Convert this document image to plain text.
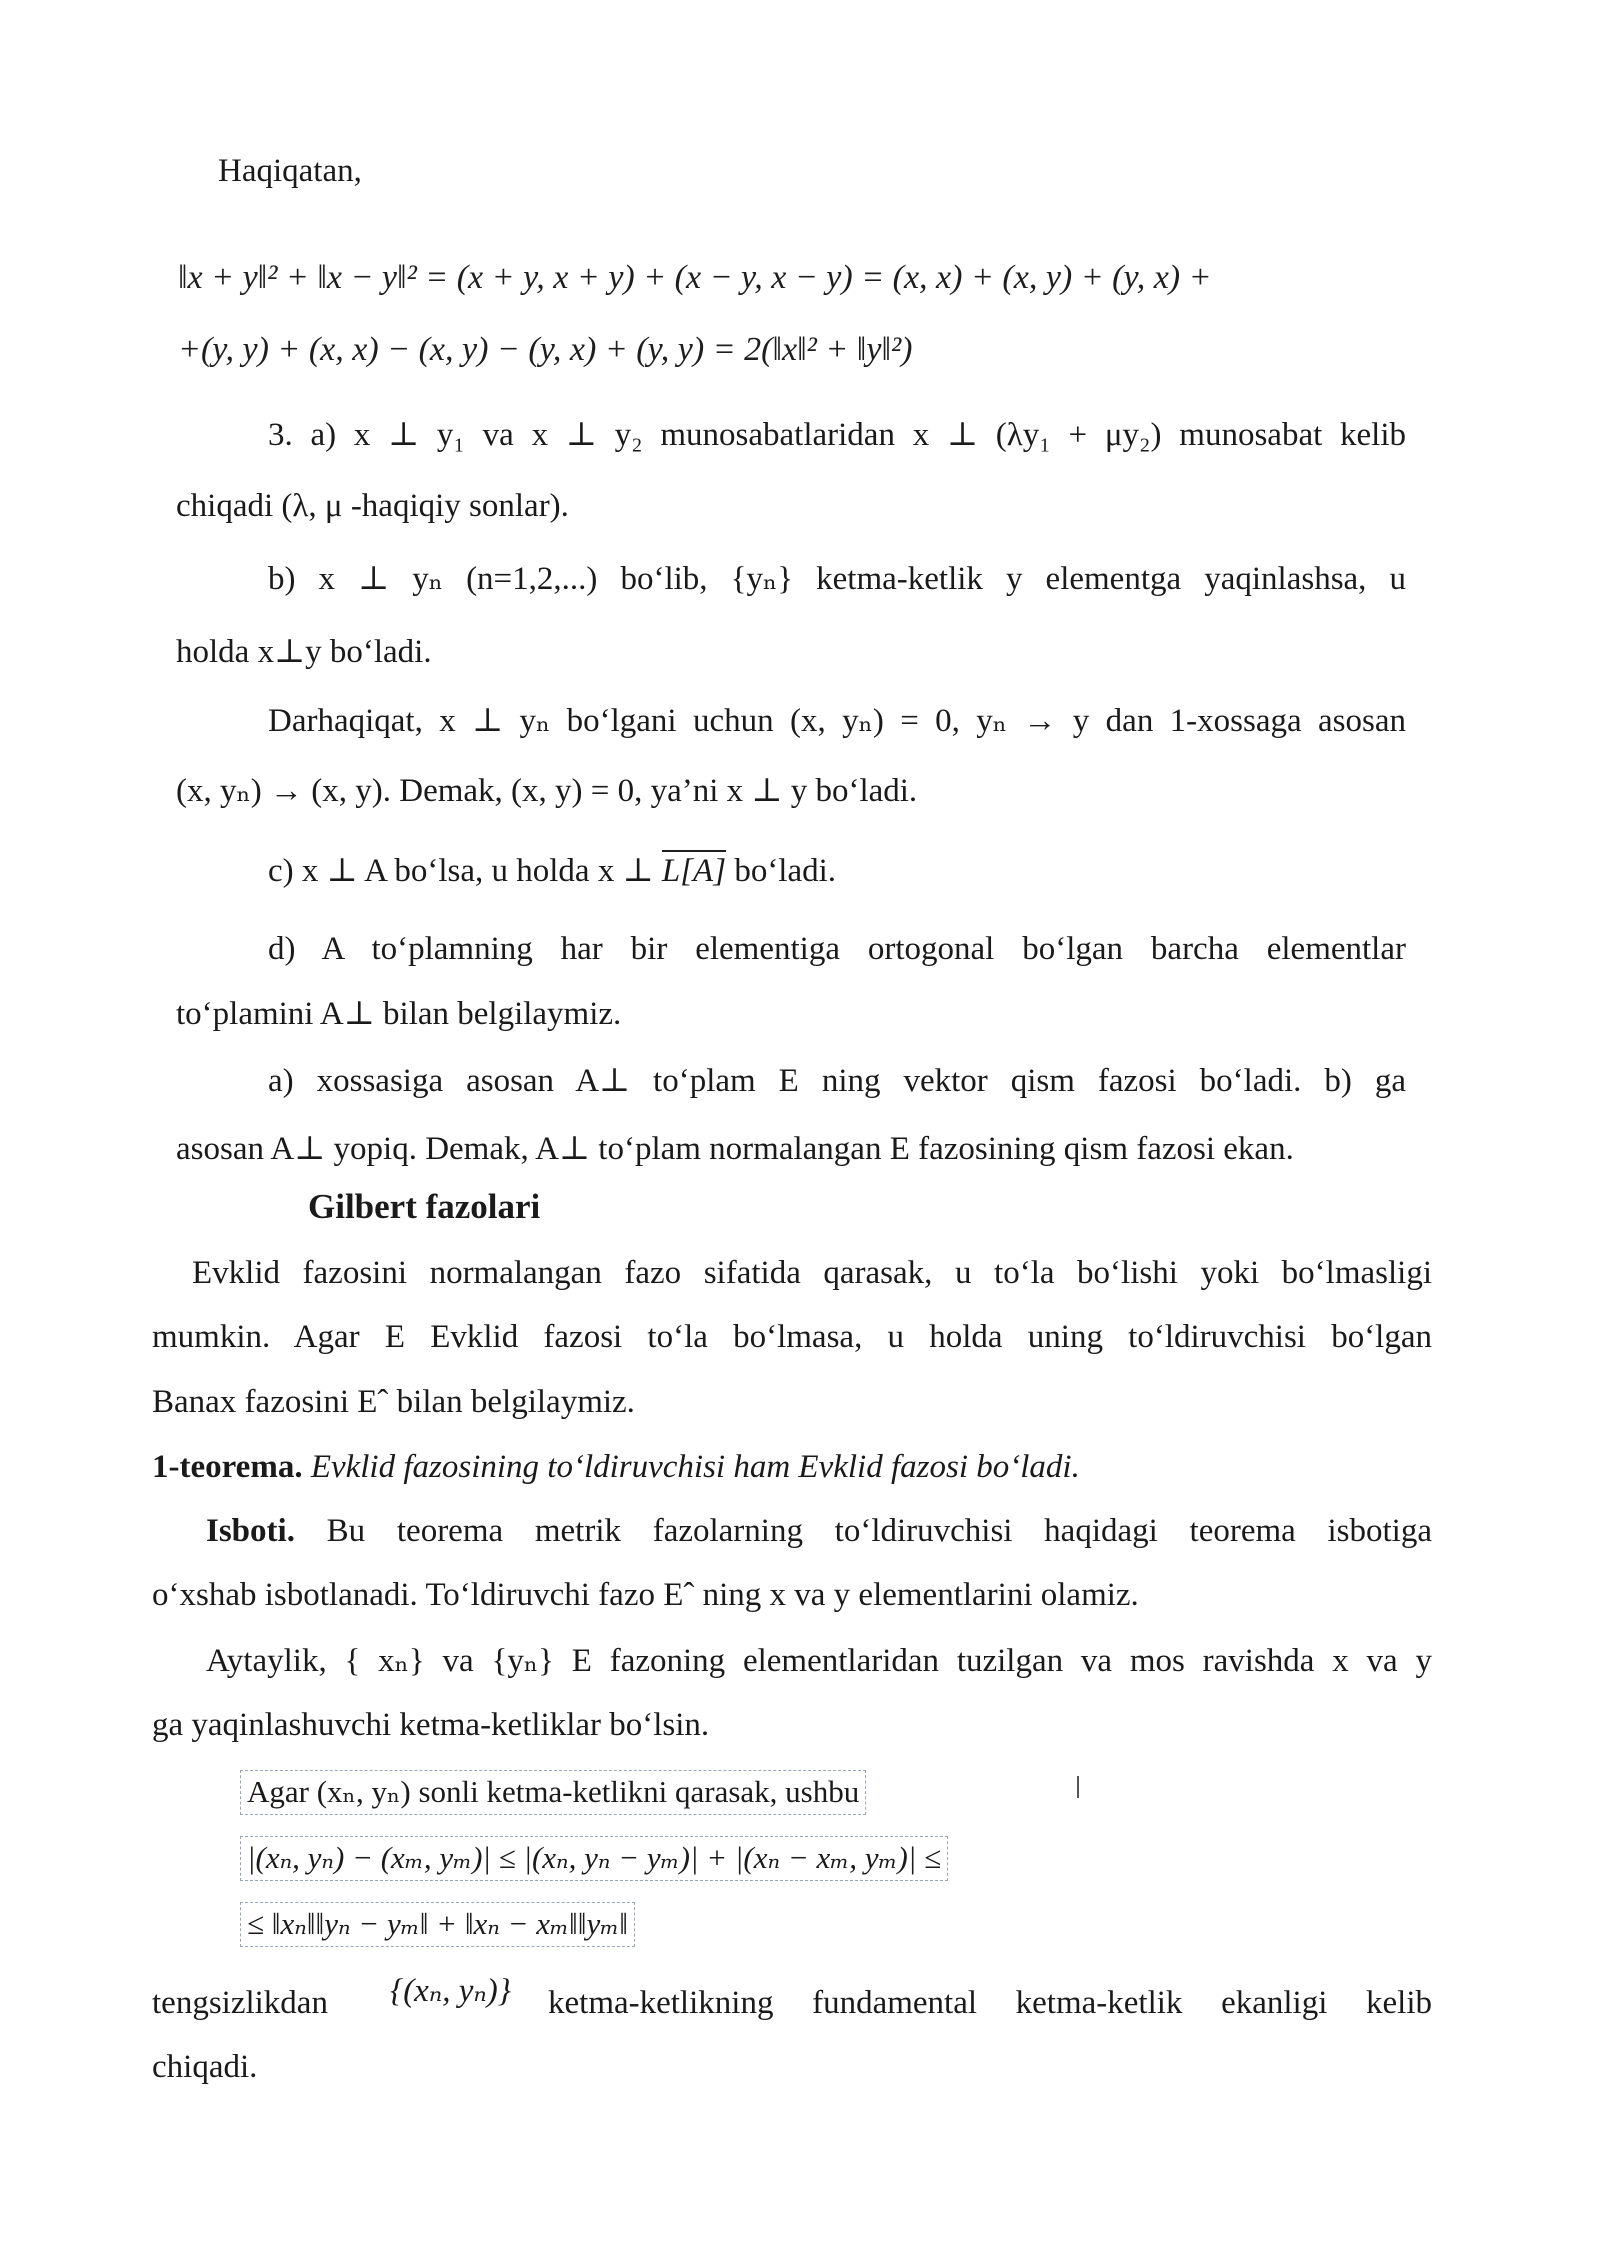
Haqiqatan,

‖x + y‖² + ‖x − y‖² = (x + y, x + y) + (x − y, x − y) = (x, x) + (x, y) + (y, x) +

+(y, y) + (x, x) − (x, y) − (y, x) + (y, y) = 2(‖x‖² + ‖y‖²)

3. a) x ⊥ y₁ va x ⊥ y₂ munosabatlaridan x ⊥ (λy₁ + μy₂) munosabat kelib

chiqadi (λ, μ -haqiqiy sonlar).

b) x ⊥ yₙ (n=1,2,...) bo‘lib, {yₙ} ketma-ketlik y elementga yaqinlashsa, u

holda x⊥y bo‘ladi.

Darhaqiqat, x ⊥ yₙ bo‘lgani uchun (x, yₙ) = 0, yₙ → y dan 1-xossaga asosan

(x, yₙ) → (x, y). Demak, (x, y) = 0, ya’ni x ⊥ y bo‘ladi.

c) x ⊥ A bo‘lsa, u holda x ⊥ L[A] bo‘ladi.

d) A to‘plamning har bir elementiga ortogonal bo‘lgan barcha elementlar

to‘plamini A⊥ bilan belgilaymiz.

a) xossasiga asosan A⊥ to‘plam E ning vektor qism fazosi bo‘ladi. b) ga

asosan A⊥ yopiq. Demak, A⊥ to‘plam normalangan E fazosining qism fazosi ekan.

Gilbert fazolari

Evklid fazosini normalangan fazo sifatida qarasak, u to‘la bo‘lishi yoki bo‘lmasligi

mumkin. Agar E Evklid fazosi to‘la bo‘lmasa, u holda uning to‘ldiruvchisi bo‘lgan

Banax fazosini Eˆ bilan belgilaymiz.

1-teorema. Evklid fazosining to‘ldiruvchisi ham Evklid fazosi bo‘ladi.

Isboti. Bu teorema metrik fazolarning to‘ldiruvchisi haqidagi teorema isbotiga

o‘xshab isbotlanadi. To‘ldiruvchi fazo Eˆ ning x va y elementlarini olamiz.

Aytaylik, { xₙ} va {yₙ} E fazoning elementlaridan tuzilgan va mos ravishda x va y

ga yaqinlashuvchi ketma-ketliklar bo‘lsin.

Agar (xₙ, yₙ) sonli ketma-ketlikni qarasak, ushbu

|(xₙ, yₙ) − (xₘ, yₘ)| ≤ |(xₙ, yₙ − yₘ)| + |(xₙ − xₘ, yₘ)| ≤

≤ ‖xₙ‖‖yₙ − yₘ‖ + ‖xₙ − xₘ‖‖yₘ‖

tengsizlikdan {(xₙ, yₙ)} ketma-ketlikning fundamental ketma-ketlik ekanligi kelib

chiqadi.
